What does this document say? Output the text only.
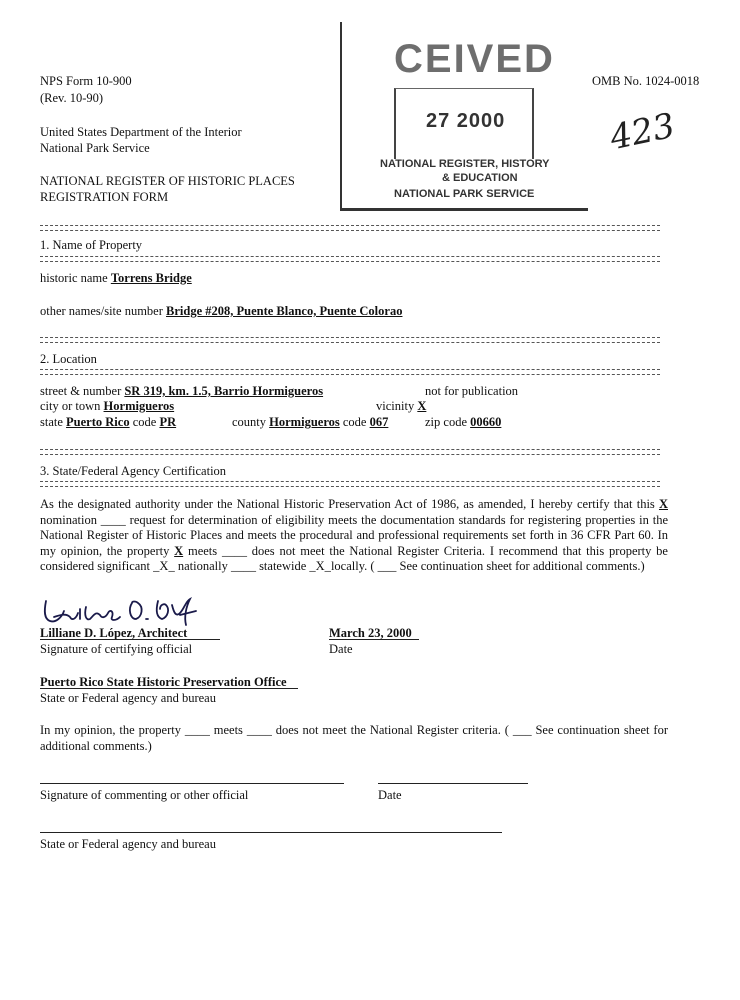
NPS Form 10-900
(Rev. 10-90)
OMB No. 1024-0018
United States Department of the Interior
National Park Service
NATIONAL REGISTER OF HISTORIC PLACES
REGISTRATION FORM
CEIVED
27 2000
NATIONAL REGISTER, HISTORY
& EDUCATION
NATIONAL PARK SERVICE
423
1. Name of Property
historic name Torrens Bridge
other names/site number Bridge #208, Puente Blanco, Puente Colorao
2. Location
street & number SR 319, km. 1.5, Barrio Hormigueros	not for publication
city or town Hormigueros	vicinity X
state Puerto Rico code PR	county Hormigueros code 067	zip code 00660
3. State/Federal Agency Certification
As the designated authority under the National Historic Preservation Act of 1986, as amended, I hereby certify that this X nomination ____ request for determination of eligibility meets the documentation standards for registering properties in the National Register of Historic Places and meets the procedural and professional requirements set forth in 36 CFR Part 60. In my opinion, the property X meets ____ does not meet the National Register Criteria. I recommend that this property be considered significant _X_ nationally ____ statewide _X_locally. ( ___ See continuation sheet for additional comments.)
Lilliane D. López, Architect
Signature of certifying official
March 23, 2000
Date
Puerto Rico State Historic Preservation Office
State or Federal agency and bureau
In my opinion, the property ____ meets ____ does not meet the National Register criteria. ( ___ See continuation sheet for additional comments.)
Signature of commenting or other official	Date
State or Federal agency and bureau
